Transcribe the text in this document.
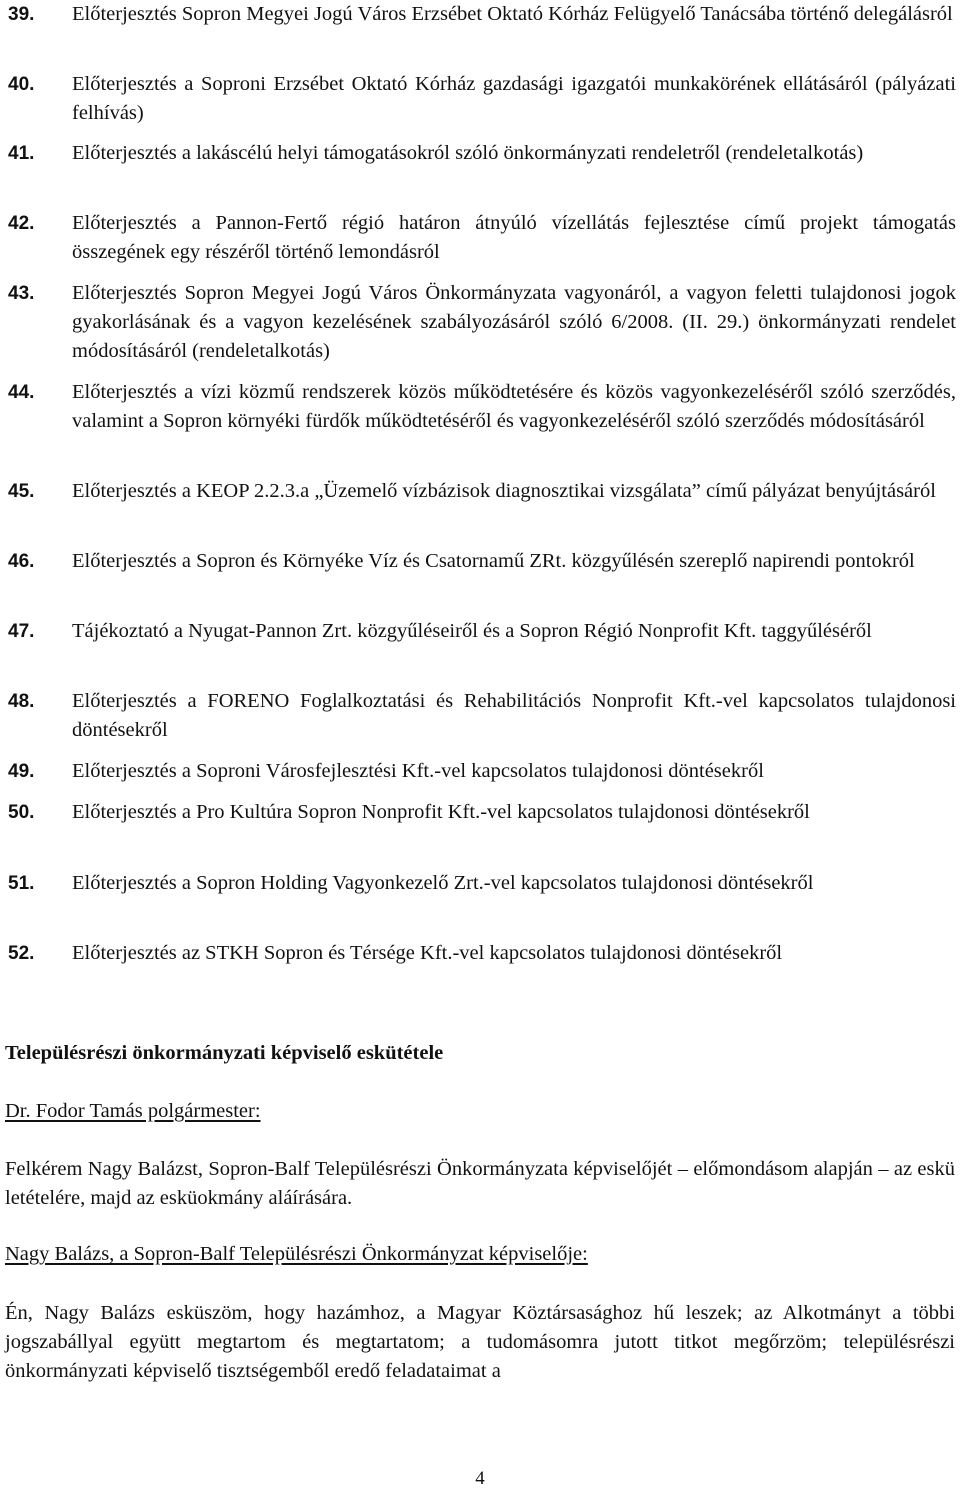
39. Előterjesztés Sopron Megyei Jogú Város Erzsébet Oktató Kórház Felügyelő Tanácsába történő delegálásról
40. Előterjesztés a Soproni Erzsébet Oktató Kórház gazdasági igazgatói munkakörének ellátásáról (pályázati felhívás)
41. Előterjesztés a lakáscélú helyi támogatásokról szóló önkormányzati rendeletről (rendeletalkotás)
42. Előterjesztés a Pannon-Fertő régió határon átnyúló vízellátás fejlesztése című projekt támogatás összegének egy részéről történő lemondásról
43. Előterjesztés Sopron Megyei Jogú Város Önkormányzata vagyonáról, a vagyon feletti tulajdonosi jogok gyakorlásának és a vagyon kezelésének szabályozásáról szóló 6/2008. (II. 29.) önkormányzati rendelet módosításáról (rendeletalkotás)
44. Előterjesztés a vízi közmű rendszerek közös működtetésére és közös vagyonkezeléséről szóló szerződés, valamint a Sopron környéki fürdők működtetéséről és vagyonkezeléséről szóló szerződés módosításáról
45. Előterjesztés a KEOP 2.2.3.a „Üzemelő vízbázisok diagnosztikai vizsgálata” című pályázat benyújtásáról
46. Előterjesztés a Sopron és Környéke Víz és Csatornamű ZRt. közgyűlésén szereplő napirendi pontokról
47. Tájékoztató a Nyugat-Pannon Zrt. közgyűléseiről és a Sopron Régió Nonprofit Kft. taggyűléséről
48. Előterjesztés a FORENO Foglalkoztatási és Rehabilitációs Nonprofit Kft.-vel kapcsolatos tulajdonosi döntésekről
49. Előterjesztés a Soproni Városfejlesztési Kft.-vel kapcsolatos tulajdonosi döntésekről
50. Előterjesztés a Pro Kultúra Sopron Nonprofit Kft.-vel kapcsolatos tulajdonosi döntésekről
51. Előterjesztés a Sopron Holding Vagyonkezelő Zrt.-vel kapcsolatos tulajdonosi döntésekről
52. Előterjesztés az STKH Sopron és Térsége Kft.-vel kapcsolatos tulajdonosi döntésekről
Településrészi önkormányzati képviselő eskütétele
Dr. Fodor Tamás polgármester:
Felkérem Nagy Balázst, Sopron-Balf Településrészi Önkormányzata képviselőjét – előmondásom alapján – az eskü letételére, majd az esküokmány aláírására.
Nagy Balázs, a Sopron-Balf Településrészi Önkormányzat képviselője:
Én, Nagy Balázs esküszöm, hogy hazámhoz, a Magyar Köztársasághoz hű leszek; az Alkotmányt a többi jogszabállyal együtt megtartom és megtartatom; a tudomásomra jutott titkot megőrzöm; településrészi önkormányzati képviselő tisztségemből eredő feladataimat a
4
